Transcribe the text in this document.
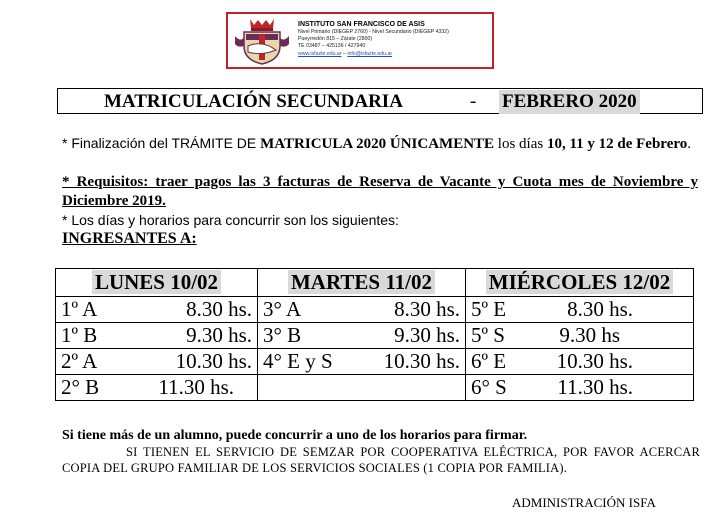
INSTITUTO SAN FRANCISCO DE ASIS
Nivel Primario (DIEGEP 2760) - Nivel Secundario (DIEGEP 4332)
Pueyrredón 815 – Zárate (2800)
TE 03487 – 425136 / 427940
www.isfazte.edu.ar – info@isfazte.edu.ar
MATRICULACIÓN SECUNDARIA	- FEBRERO 2020
* Finalización del TRÁMITE DE MATRICULA 2020 ÚNICAMENTE los días 10, 11 y 12 de Febrero.
* Requisitos: traer pagos las 3 facturas de Reserva de Vacante y Cuota mes de Noviembre y Diciembre 2019.
* Los días y horarios para concurrir son los siguientes:
INGRESANTES A:
LUNES 10/02	MARTES 11/02	MIÉRCOLES 12/02

1º A 8.30 hs.	3° A 8.30 hs.	5º E 8.30 hs.

1º B 9.30 hs.	3° B 9.30 hs.	5º S 9.30 hs

2º A 10.30 hs.	4° E y S 10.30 hs.	6º E 10.30 hs.

2° B 11.30 hs.		6° S 11.30 hs.
Si tiene más de un alumno, puede concurrir a uno de los horarios para firmar.
SI TIENEN EL SERVICIO DE SEMZAR POR COOPERATIVA ELÉCTRICA, POR FAVOR ACERCAR COPIA DEL GRUPO FAMILIAR DE LOS SERVICIOS SOCIALES (1 COPIA POR FAMILIA).
ADMINISTRACIÓN ISFA
